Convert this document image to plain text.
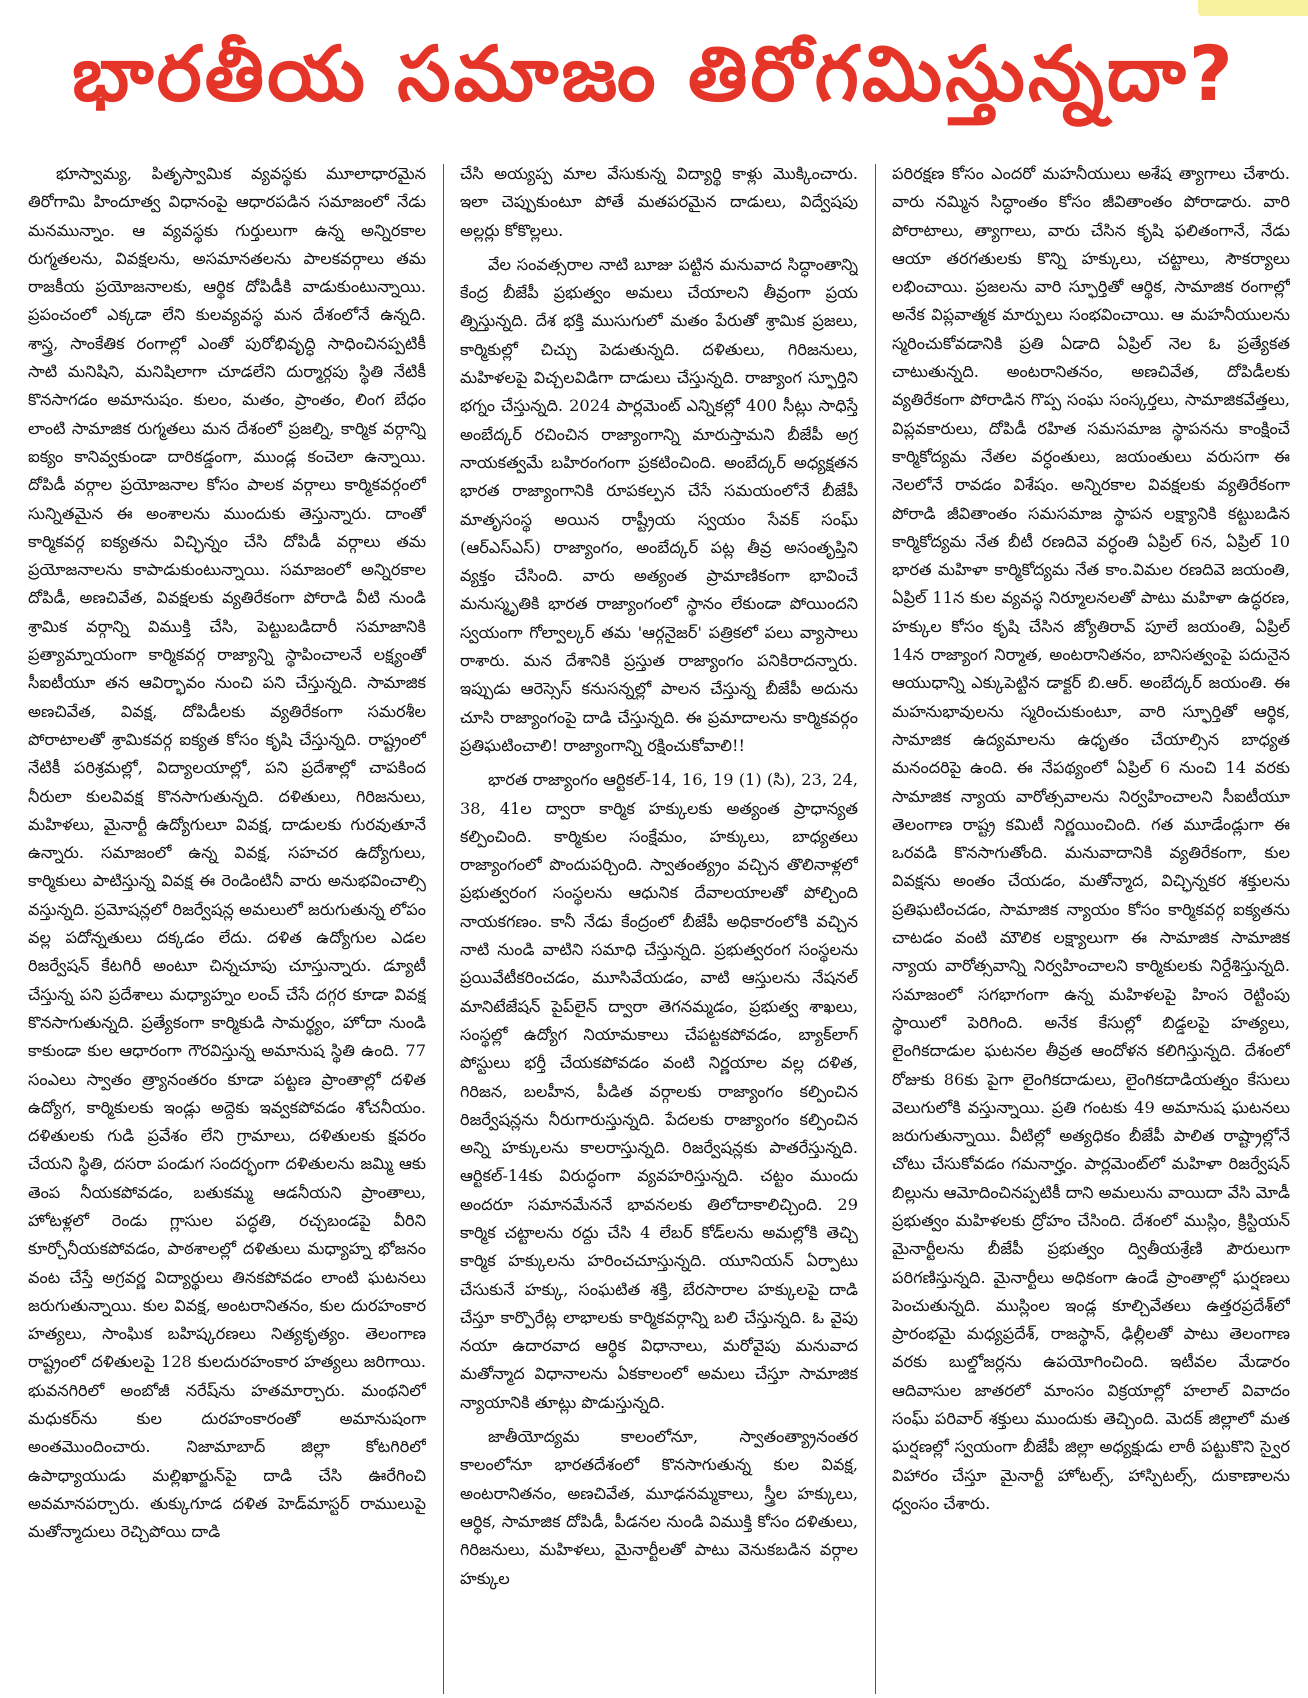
భారతీయ సమాజం తిరోగమిస్తున్నదా?

భూస్వామ్య, పితృస్వామిక వ్యవస్థకు మూలాధారమైన తిరోగామి హిందూత్వ విధానంపై ఆధారపడిన సమాజంలో నేడు మనమున్నాం. ఆ వ్యవస్థకు గుర్తులుగా ఉన్న అన్నిరకాల రుగ్మతలను, వివక్షలను, అసమానతలను పాలకవర్గాలు తమ రాజకీయ ప్రయోజనాలకు, ఆర్థిక దోపిడీకి వాడుకుంటున్నాయి. ప్రపంచంలో ఎక్కడా లేని కులవ్యవస్థ మన దేశంలోనే ఉన్నది. శాస్త్ర, సాంకేతిక రంగాల్లో ఎంతో పురోభివృద్ధి సాధించినప్పటికీ సాటి మనిషిని, మనిషిలాగా చూడలేని దుర్మార్గపు స్థితి నేటికీ కొనసాగడం అమానుషం. కులం, మతం, ప్రాంతం, లింగ బేధం లాంటి సామాజిక రుగ్మతలు మన దేశంలో ప్రజల్ని, కార్మిక వర్గాన్ని ఐక్యం కానివ్వకుండా దారికడ్డంగా, ముండ్ల కంచెలా ఉన్నాయి. దోపిడీ వర్గాల ప్రయోజనాల కోసం పాలక వర్గాలు కార్మికవర్గంలో సున్నితమైన ఈ అంశాలను ముందుకు తెస్తున్నారు. దాంతో కార్మికవర్గ ఐక్యతను విచ్ఛిన్నం చేసి దోపిడీ వర్గాలు తమ ప్రయోజనాలను కాపాడుకుంటున్నాయి. సమాజంలో అన్నిరకాల దోపిడీ, అణచివేత, వివక్షలకు వ్యతిరేకంగా పోరాడి వీటి నుండి శ్రామిక వర్గాన్ని విముక్తి చేసి, పెట్టుబడిదారీ సమాజానికి ప్రత్యామ్నాయంగా కార్మికవర్గ రాజ్యాన్ని స్థాపించాలనే లక్ష్యంతో సీఐటీయూ తన ఆవిర్భావం నుంచి పని చేస్తున్నది. సామాజిక అణచివేత, వివక్ష, దోపిడీలకు వ్యతిరేకంగా సమరశీల పోరాటాలతో శ్రామికవర్గ ఐక్యత కోసం కృషి చేస్తున్నది. రాష్ట్రంలో నేటికీ పరిశ్రమల్లో, విద్యాలయాల్లో, పని ప్రదేశాల్లో చాపకింద నీరులా కులవివక్ష కొనసాగుతున్నది. దళితులు, గిరిజనులు, మహిళలు, మైనార్టీ ఉద్యోగులూ వివక్ష, దాడులకు గురవుతూనే ఉన్నారు. సమాజంలో ఉన్న వివక్ష, సహచర ఉద్యోగులు, కార్మికులు పాటిస్తున్న వివక్ష ఈ రెండింటినీ వారు అనుభవించాల్సి వస్తున్నది. ప్రమోషన్లలో రిజర్వేషన్ల అమలులో జరుగుతున్న లోపం వల్ల పదోన్నతులు దక్కడం లేదు. దళిత ఉద్యోగుల ఎడల రిజర్వేషన్ కేటగిరీ అంటూ చిన్నచూపు చూస్తున్నారు. డ్యూటీ చేస్తున్న పని ప్రదేశాలు మధ్యాహ్నం లంచ్ చేసే దగ్గర కూడా వివక్ష కొనసాగుతున్నది. ప్రత్యేకంగా కార్మికుడి సామర్థ్యం, హోదా నుండి కాకుండా కుల ఆధారంగా గౌరవిస్తున్న అమానుష స్థితి ఉంది. 77 సంఎలు స్వాతం త్ర్యానంతరం కూడా పట్టణ ప్రాంతాల్లో దళిత ఉద్యోగ, కార్మికులకు ఇండ్లు అద్దెకు ఇవ్వకపోవడం శోచనీయం. దళితులకు గుడి ప్రవేశం లేని గ్రామాలు, దళితులకు క్షవరం చేయని స్థితి, దసరా పండుగ సందర్భంగా దళితులను జమ్మి ఆకు తెంప నీయకపోవడం, బతుకమ్మ ఆడనీయని ప్రాంతాలు, హోటళ్లలో రెండు గ్లాసుల పద్ధతి, రచ్చబండపై వీరిని కూర్చోనీయకపోవడం, పాఠశాలల్లో దళితులు మధ్యాహ్న భోజనం వంట చేస్తే అగ్రవర్ణ విద్యార్థులు తినకపోవడం లాంటి ఘటనలు జరుగుతున్నాయి. కుల వివక్ష, అంటరానితనం, కుల దురహంకార హత్యలు, సాంఘిక బహిష్కరణలు నిత్యకృత్యం. తెలంగాణ రాష్ట్రంలో దళితులపై 128 కులదురహంకార హత్యలు జరిగాయి. భువనగిరిలో అంబోజీ నరేష్‌ను హతమార్చారు. మంథనిలో మధుకర్‌ను కుల దురహంకారంతో అమానుషంగా అంతమొందించారు. నిజామాబాద్ జిల్లా కోటగిరిలో ఉపాధ్యాయుడు మల్లిఖార్జున్‌పై దాడి చేసి ఊరేగించి అవమానపర్చారు. తుక్కుగూడ దళిత హెడ్‌మాస్టర్ రాములుపై మతోన్మాదులు రెచ్చిపోయి దాడి

చేసి అయ్యప్ప మాల వేసుకున్న విద్యార్థి కాళ్లు మొక్కించారు. ఇలా చెప్పుకుంటూ పోతే మతపరమైన దాడులు, విద్వేషపు అల్లర్లు కోకొల్లలు.

వేల సంవత్సరాల నాటి బూజు పట్టిన మనువాద సిద్ధాంతాన్ని కేంద్ర బీజేపీ ప్రభుత్వం అమలు చేయాలని తీవ్రంగా ప్రయ త్నిస్తున్నది. దేశ భక్తి ముసుగులో మతం పేరుతో శ్రామిక ప్రజలు, కార్మికుల్లో చిచ్చు పెడుతున్నది. దళితులు, గిరిజనులు, మహిళలపై విచ్చలవిడిగా దాడులు చేస్తున్నది. రాజ్యాంగ స్ఫూర్తిని భగ్నం చేస్తున్నది. 2024 పార్లమెంట్ ఎన్నికల్లో 400 సీట్లు సాధిస్తే అంబేద్కర్ రచించిన రాజ్యాంగాన్ని మారుస్తామని బీజేపీ అగ్ర నాయకత్వమే బహిరంగంగా ప్రకటించింది. అంబేద్కర్ అధ్యక్షతన భారత రాజ్యాంగానికి రూపకల్పన చేసే సమయంలోనే బీజేపీ మాతృసంస్థ అయిన రాష్ట్రీయ స్వయం సేవక్ సంఘ్ (ఆర్ఎస్ఎస్) రాజ్యాంగం, అంబేద్కర్ పట్ల తీవ్ర అసంతృప్తిని వ్యక్తం చేసింది. వారు అత్యంత ప్రామాణికంగా భావించే మనుస్మృతికి భారత రాజ్యాంగంలో స్థానం లేకుండా పోయిందని స్వయంగా గోల్వాల్కర్ తమ 'ఆర్గనైజర్' పత్రికలో పలు వ్యాసాలు రాశారు. మన దేశానికి ప్రస్తుత రాజ్యాంగం పనికిరాదన్నారు. ఇప్పుడు ఆరెస్సెస్ కనుసన్నల్లో పాలన చేస్తున్న బీజేపీ అదును చూసి రాజ్యాంగంపై దాడి చేస్తున్నది. ఈ ప్రమాదాలను కార్మికవర్గం ప్రతిఘటించాలి! రాజ్యాంగాన్ని రక్షించుకోవాలి!!

భారత రాజ్యాంగం ఆర్టికల్-14, 16, 19 (1) (సి), 23, 24, 38, 41ల ద్వారా కార్మిక హక్కులకు అత్యంత ప్రాధాన్యత కల్పించింది. కార్మికుల సంక్షేమం, హక్కులు, బాధ్యతలు రాజ్యాంగంలో పొందుపర్చింది. స్వాతంత్య్రం వచ్చిన తొలినాళ్లలో ప్రభుత్వరంగ సంస్థలను ఆధునిక దేవాలయాలతో పోల్చింది నాయకగణం. కానీ నేడు కేంద్రంలో బీజేపీ అధికారంలోకి వచ్చిన నాటి నుండి వాటిని సమాధి చేస్తున్నది. ప్రభుత్వరంగ సంస్థలను ప్రయివేటీకరించడం, మూసివేయడం, వాటి ఆస్తులను నేషనల్ మానిటేజేషన్ పైప్‌లైన్ ద్వారా తెగనమ్మడం, ప్రభుత్వ శాఖలు, సంస్థల్లో ఉద్యోగ నియామకాలు చేపట్టకపోవడం, బ్యాక్‌లాగ్ పోస్టులు భర్తీ చేయకపోవడం వంటి నిర్ణయాల వల్ల దళిత, గిరిజన, బలహీన, పీడిత వర్గాలకు రాజ్యాంగం కల్పించిన రిజర్వేషన్లను నీరుగారుస్తున్నది. పేదలకు రాజ్యాంగం కల్పించిన అన్ని హక్కులను కాలరాస్తున్నది. రిజర్వేషన్లకు పాతరేస్తున్నది. ఆర్టికల్-14కు విరుద్ధంగా వ్యవహరిస్తున్నది. చట్టం ముందు అందరూ సమానమేననే భావనలకు తిలోదాకాలిచ్చింది. 29 కార్మిక చట్టాలను రద్దు చేసి 4 లేబర్ కోడ్‌లను అమల్లోకి తెచ్చి కార్మిక హక్కులను హరించచూస్తున్నది. యూనియన్ ఏర్పాటు చేసుకునే హక్కు, సంఘటిత శక్తి, బేరసారాల హక్కులపై దాడి చేస్తూ కార్పొరేట్ల లాభాలకు కార్మికవర్గాన్ని బలి చేస్తున్నది. ఓ వైపు నయా ఉదారవాద ఆర్థిక విధానాలు, మరోవైపు మనువాద మతోన్మాద విధానాలను ఏకకాలంలో అమలు చేస్తూ సామాజిక న్యాయానికి తూట్లు పొడుస్తున్నది.

జాతీయోద్యమ కాలంలోనూ, స్వాతంత్య్రానంతర కాలంలోనూ భారతదేశంలో కొనసాగుతున్న కుల వివక్ష, అంటరానితనం, అణచివేత, మూఢనమ్మకాలు, స్త్రీల హక్కులు, ఆర్థిక, సామాజిక దోపిడీ, పీడనల నుండి విముక్తి కోసం దళితులు, గిరిజనులు, మహిళలు, మైనార్టీలతో పాటు వెనుకబడిన వర్గాల హక్కుల

పరిరక్షణ కోసం ఎందరో మహనీయులు అశేష త్యాగాలు చేశారు. వారు నమ్మిన సిద్ధాంతం కోసం జీవితాంతం పోరాడారు. వారి పోరాటాలు, త్యాగాలు, వారు చేసిన కృషి ఫలితంగానే, నేడు ఆయా తరగతులకు కొన్ని హక్కులు, చట్టాలు, సౌకర్యాలు లభించాయి. ప్రజలను వారి స్ఫూర్తితో ఆర్థిక, సామాజిక రంగాల్లో అనేక విప్లవాత్మక మార్పులు సంభవించాయి. ఆ మహనీయులను స్మరించుకోవడానికి ప్రతి ఏడాది ఏప్రిల్ నెల ఓ ప్రత్యేకత చాటుతున్నది. అంటరానితనం, అణచివేత, దోపిడీలకు వ్యతిరేకంగా పోరాడిన గొప్ప సంఘ సంస్కర్తలు, సామాజికవేత్తలు, విప్లవకారులు, దోపిడీ రహిత సమసమాజ స్థాపనను కాంక్షించే కార్మికోద్యమ నేతల వర్ధంతులు, జయంతులు వరుసగా ఈ నెలలోనే రావడం విశేషం. అన్నిరకాల వివక్షలకు వ్యతిరేకంగా పోరాడి జీవితాంతం సమసమాజ స్థాపన లక్ష్యానికి కట్టుబడిన కార్మికోద్యమ నేత బీటీ రణదివె వర్ధంతి ఏప్రిల్ 6న, ఏప్రిల్ 10 భారత మహిళా కార్మికోద్యమ నేత కాం.విమల రణదివె జయంతి, ఏప్రిల్ 11న కుల వ్యవస్థ నిర్మూలనలతో పాటు మహిళా ఉద్ధరణ, హక్కుల కోసం కృషి చేసిన జ్యోతిరావ్ పూలే జయంతి, ఏప్రిల్ 14న రాజ్యాంగ నిర్మాత, అంటరానితనం, బానిసత్వంపై పదునైన ఆయుధాన్ని ఎక్కుపెట్టిన డాక్టర్ బి.ఆర్. అంబేద్కర్ జయంతి. ఈ మహనుభావులను స్మరించుకుంటూ, వారి స్ఫూర్తితో ఆర్థిక, సామాజిక ఉద్యమాలను ఉధృతం చేయాల్సిన బాధ్యత మనందరిపై ఉంది. ఈ నేపథ్యంలో ఏప్రిల్ 6 నుంచి 14 వరకు సామాజిక న్యాయ వారోత్సవాలను నిర్వహించాలని సీఐటీయూ తెలంగాణ రాష్ట్ర కమిటీ నిర్ణయించింది. గత మూడేండ్లుగా ఈ ఒరవడి కొనసాగుతోంది. మనువాదానికి వ్యతిరేకంగా, కుల వివక్షను అంతం చేయడం, మతోన్మాద, విచ్ఛిన్నకర శక్తులను ప్రతిఘటించడం, సామాజిక న్యాయం కోసం కార్మికవర్గ ఐక్యతను చాటడం వంటి మౌలిక లక్ష్యాలుగా ఈ సామాజిక సామాజిక న్యాయ వారోత్సవాన్ని నిర్వహించాలని కార్మికులకు నిర్దేశిస్తున్నది. సమాజంలో సగభాగంగా ఉన్న మహిళలపై హింస రెట్టింపు స్థాయిలో పెరిగింది. అనేక కేసుల్లో బిడ్డలపై హత్యలు, లైంగికదాడుల ఘటనల తీవ్రత ఆందోళన కలిగిస్తున్నది. దేశంలో రోజుకు 86కు పైగా లైంగికదాడులు, లైంగికదాడియత్నం కేసులు వెలుగులోకి వస్తున్నాయి. ప్రతి గంటకు 49 అమానుష ఘటనలు జరుగుతున్నాయి. వీటిల్లో అత్యధికం బీజేపీ పాలిత రాష్ట్రాల్లోనే చోటు చేసుకోవడం గమనార్హం. పార్లమెంట్‌లో మహిళా రిజర్వేషన్ బిల్లును ఆమోదించినప్పటికీ దాని అమలును వాయిదా వేసి మోడీ ప్రభుత్వం మహిళలకు ద్రోహం చేసింది. దేశంలో ముస్లిం, క్రిస్టియన్ మైనార్టీలను బీజేపీ ప్రభుత్వం ద్వితీయశ్రేణి పౌరులుగా పరిగణిస్తున్నది. మైనార్టీలు అధికంగా ఉండే ప్రాంతాల్లో ఘర్షణలు పెంచుతున్నది. ముస్లింల ఇండ్ల కూల్చివేతలు ఉత్తరప్రదేశ్‌లో ప్రారంభమై మధ్యప్రదేశ్, రాజస్థాన్, ఢిల్లీలతో పాటు తెలంగాణ వరకు బుల్డోజర్లను ఉపయోగించింది. ఇటీవల మేడారం ఆదివాసుల జాతరలో మాంసం విక్రయాల్లో హలాల్ వివాదం సంఘ్ పరివార్ శక్తులు ముందుకు తెచ్చింది. మెదక్ జిల్లాలో మత ఘర్షణల్లో స్వయంగా బీజేపీ జిల్లా అధ్యక్షుడు లాఠీ పట్టుకొని స్వైర విహారం చేస్తూ మైనార్టీ హోటల్స్, హాస్పిటల్స్, దుకాణాలను ధ్వంసం చేశారు.
